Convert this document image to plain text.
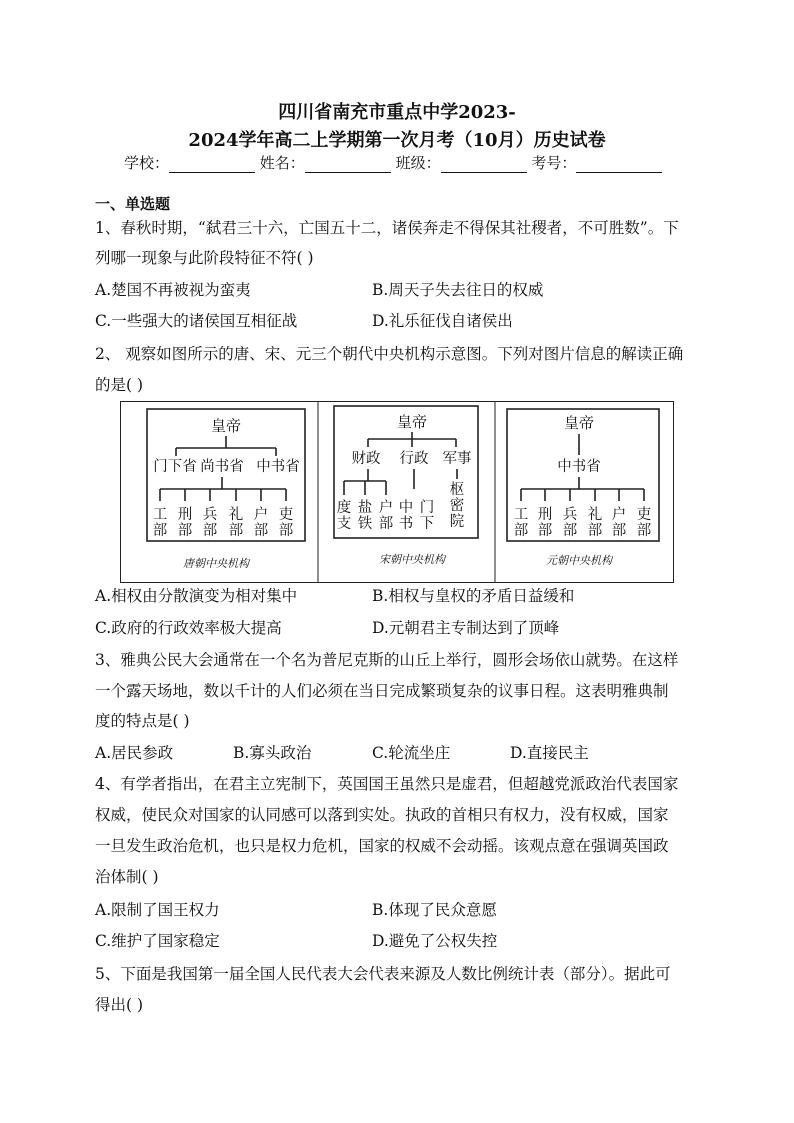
四川省南充市重点中学2023-
2024学年高二上学期第一次月考（10月）历史试卷
学校：	姓名：	班级：	考号：
一、单选题
1、春秋时期，“弑君三十六，亡国五十二，诸侯奔走不得保其社稷者，不可胜数”。下
列哪一现象与此阶段特征不符( )
A.楚国不再被视为蛮夷	B.周天子失去往日的权威
C.一些强大的诸侯国互相征战	D.礼乐征伐自诸侯出
2、 观察如图所示的唐、宋、元三个朝代中央机构示意图。下列对图片信息的解读正确
的是( )
皇帝
门下省 尚书省 中书省
工
部
刑
部
兵
部
礼
部
户
部
吏
部
唐朝中央机构
皇帝
财政 行政 军事
度
支
盐
铁
户
部
中
书
门
下
枢
密
院
宋朝中央机构
皇帝
中书省
工
部
刑
部
兵
部
礼
部
户
部
吏
部
元朝中央机构
A.相权由分散演变为相对集中	B.相权与皇权的矛盾日益缓和
C.政府的行政效率极大提高	D.元朝君主专制达到了顶峰
3、雅典公民大会通常在一个名为普尼克斯的山丘上举行，圆形会场依山就势。在这样
一个露天场地，数以千计的人们必须在当日完成繁琐复杂的议事日程。这表明雅典制
度的特点是( )
A.居民参政	B.寡头政治	C.轮流坐庄	D.直接民主
4、有学者指出，在君主立宪制下，英国国王虽然只是虚君，但超越党派政治代表国家
权威，使民众对国家的认同感可以落到实处。执政的首相只有权力，没有权威，国家
一旦发生政治危机，也只是权力危机，国家的权威不会动摇。该观点意在强调英国政
治体制( )
A.限制了国王权力	B.体现了民众意愿
C.维护了国家稳定	D.避免了公权失控
5、下面是我国第一届全国人民代表大会代表来源及人数比例统计表（部分）。据此可
得出( )
